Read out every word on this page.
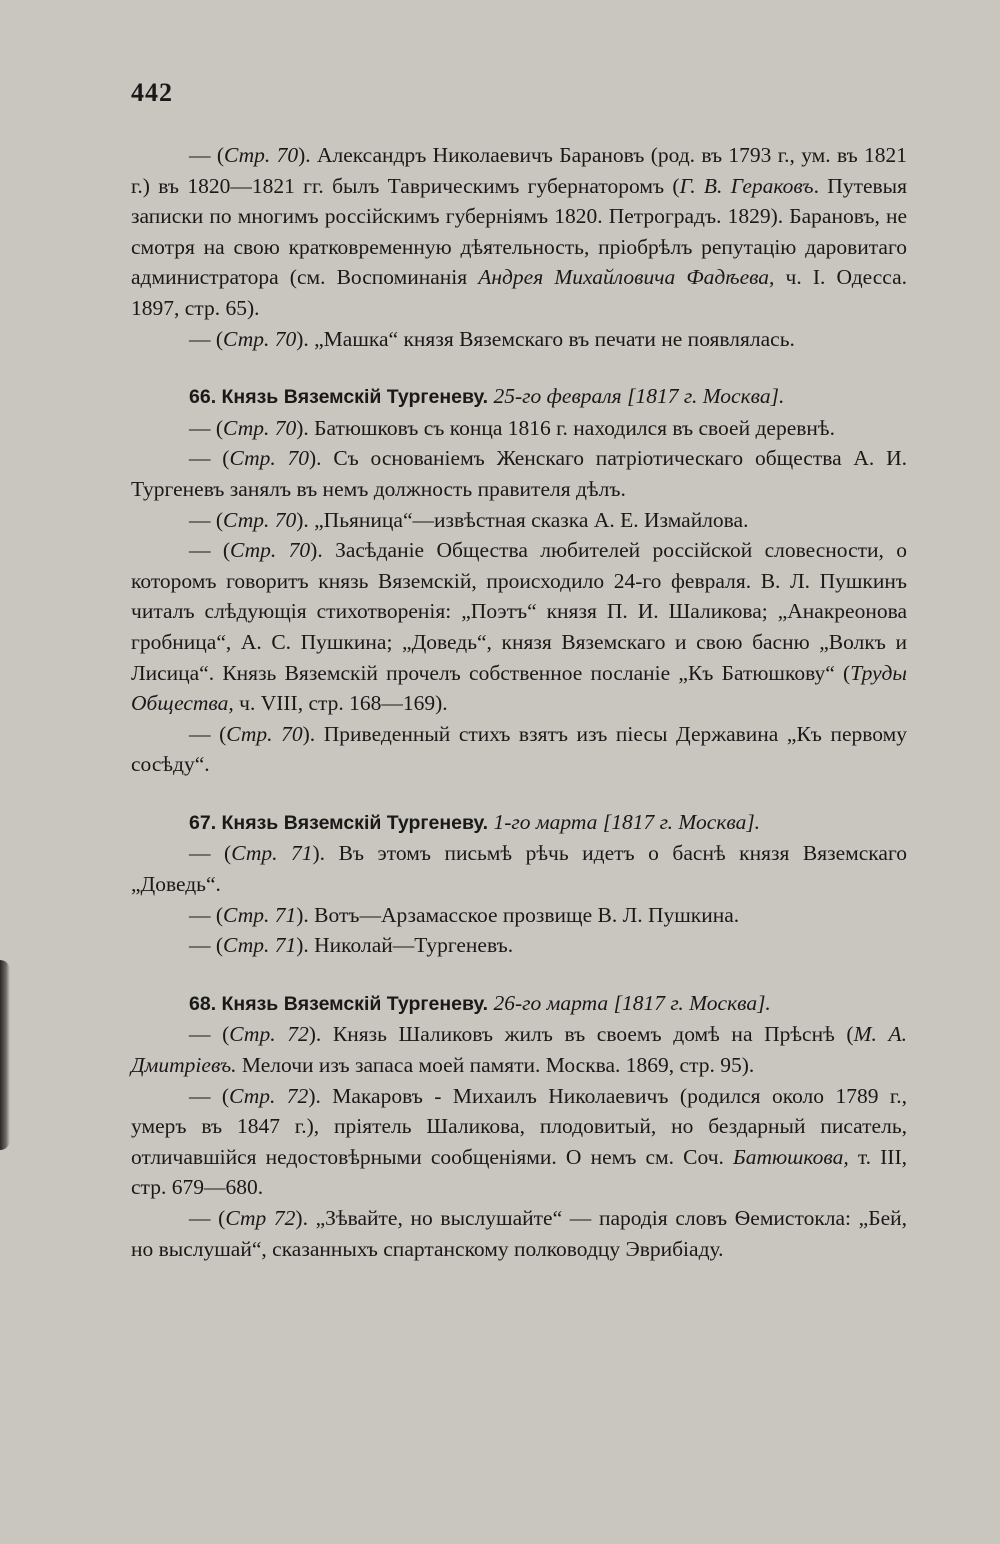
442

— (Стр. 70). Александръ Николаевичъ Барановъ (род. въ 1793 г., ум. въ 1821 г.) въ 1820—1821 гг. былъ Таврическимъ губернаторомъ (Г. В. Гераковъ. Путевыя записки по многимъ россійскимъ губерніямъ 1820. Петроградъ. 1829). Барановъ, не смотря на свою кратковременную дѣятельность, пріобрѣлъ репутацію даровитаго администратора (см. Воспоминанія Андрея Михайловича Фадѣева, ч. I. Одесса. 1897, стр. 65).

— (Стр. 70). „Машка“ князя Вяземскаго въ печати не появлялась.

66. Князь Вяземскій Тургеневу. 25-го февраля [1817 г. Москва].

— (Стр. 70). Батюшковъ съ конца 1816 г. находился въ своей деревнѣ.

— (Стр. 70). Съ основаніемъ Женскаго патріотическаго общества А. И. Тургеневъ занялъ въ немъ должность правителя дѣлъ.

— (Стр. 70). „Пьяница“—извѣстная сказка А. Е. Измайлова.

— (Стр. 70). Засѣданіе Общества любителей россійской словесности, о которомъ говоритъ князь Вяземскій, происходило 24-го февраля. В. Л. Пушкинъ читалъ слѣдующія стихотворенія: „Поэтъ“ князя П. И. Шаликова; „Анакреонова гробница“, А. С. Пушкина; „Доведь“, князя Вяземскаго и свою басню „Волкъ и Лисица“. Князь Вяземскій прочелъ собственное посланіе „Къ Батюшкову“ (Труды Общества, ч. VIII, стр. 168—169).

— (Стр. 70). Приведенный стихъ взятъ изъ піесы Державина „Къ первому сосѣду“.

67. Князь Вяземскій Тургеневу. 1-го марта [1817 г. Москва].

— (Стр. 71). Въ этомъ письмѣ рѣчь идетъ о баснѣ князя Вяземскаго „Доведь“.

— (Стр. 71). Вотъ—Арзамасское прозвище В. Л. Пушкина.

— (Стр. 71). Николай—Тургеневъ.

68. Князь Вяземскій Тургеневу. 26-го марта [1817 г. Москва].

— (Стр. 72). Князь Шаликовъ жилъ въ своемъ домѣ на Прѣснѣ (М. А. Дмитріевъ. Мелочи изъ запаса моей памяти. Москва. 1869, стр. 95).

— (Стр. 72). Макаровъ - Михаилъ Николаевичъ (родился около 1789 г., умеръ въ 1847 г.), пріятель Шаликова, плодовитый, но бездарный писатель, отличавшійся недостовѣрными сообщеніями. О немъ см. Соч. Батюшкова, т. III, стр. 679—680.

— (Стр 72). „Зѣвайте, но выслушайте“ — пародія словъ Ѳемистокла: „Бей, но выслушай“, сказанныхъ спартанскому полководцу Эврибіаду.
